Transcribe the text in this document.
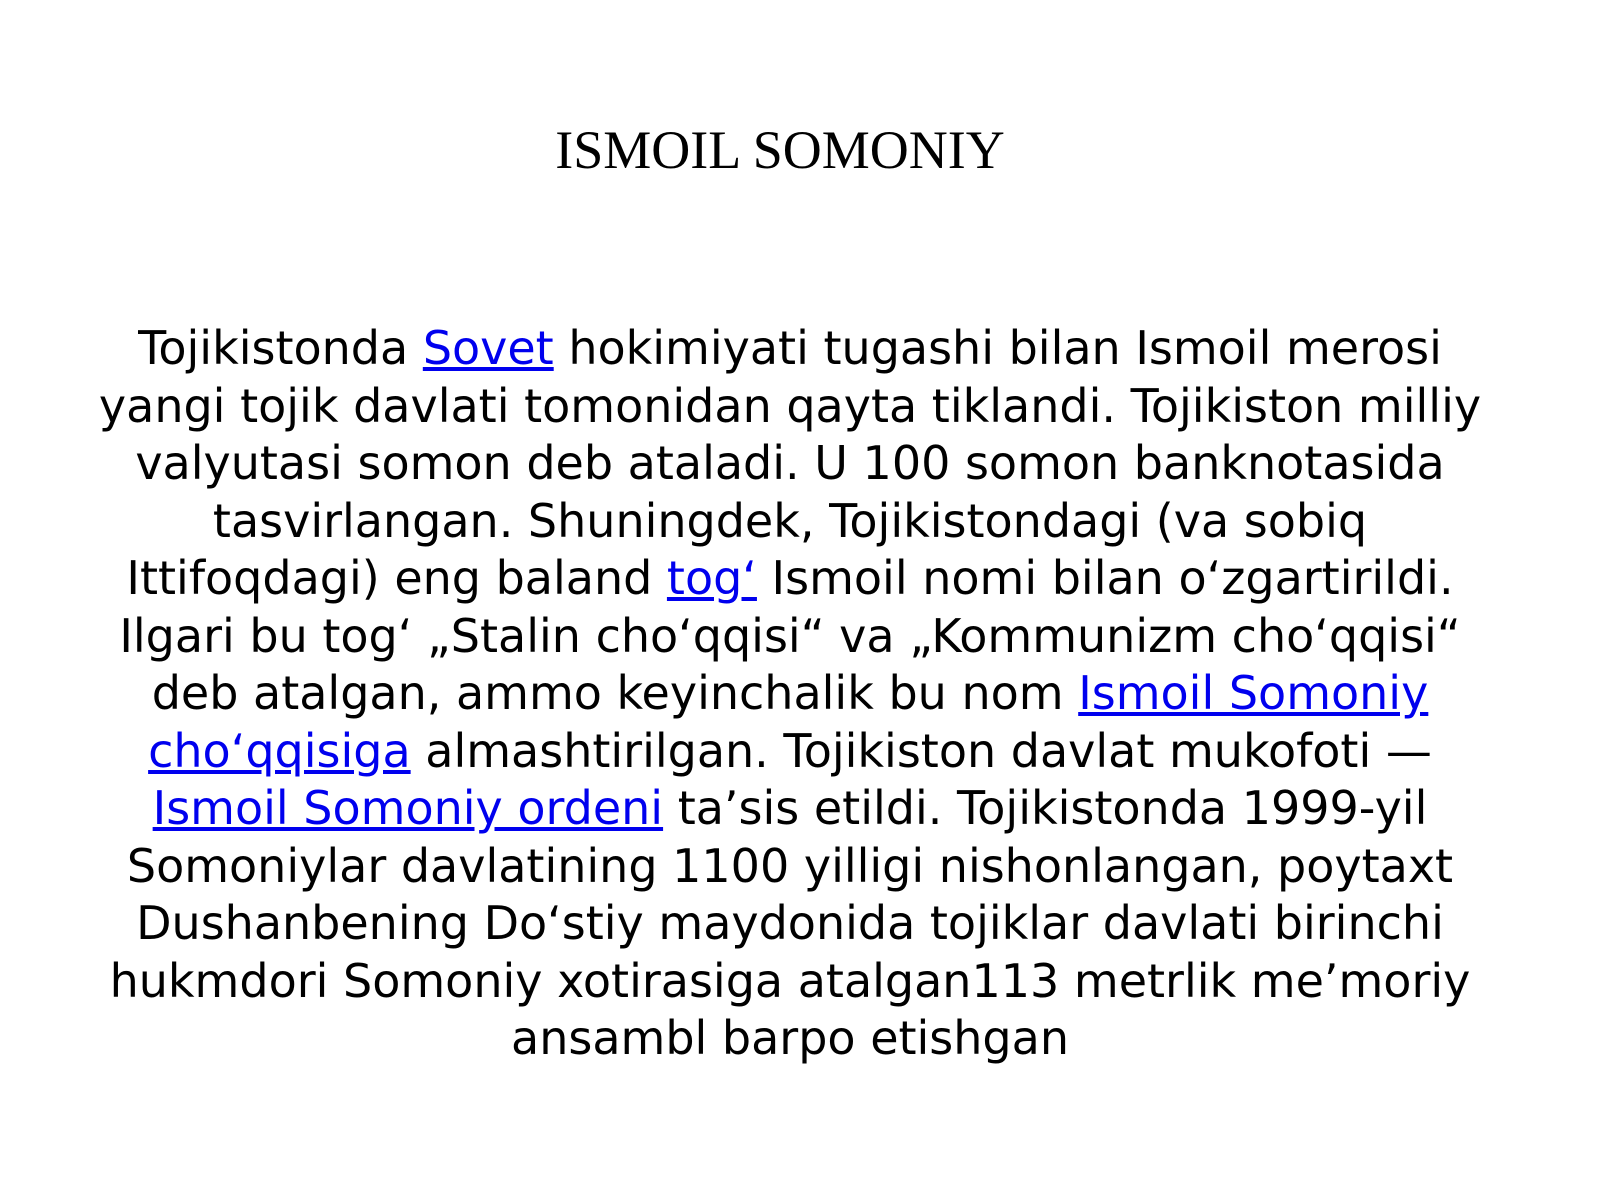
ISMOIL SOMONIY
Tojikistonda Sovet hokimiyati tugashi bilan Ismoil merosi yangi tojik davlati tomonidan qayta tiklandi. Tojikiston milliy valyutasi somon deb ataladi. U 100 somon banknotasida tasvirlangan. Shuningdek, Tojikistondagi (va sobiq Ittifoqdagi) eng baland tog‘ Ismoil nomi bilan o‘zgartirildi. Ilgari bu tog‘ „Stalin cho‘qqisi“ va „Kommunizm cho‘qqisi“ deb atalgan, ammo keyinchalik bu nom Ismoil Somoniy cho‘qqisiga almashtirilgan. Tojikiston davlat mukofoti — Ismoil Somoniy ordeni ta’sis etildi. Tojikistonda 1999-yil Somoniylar davlatining 1100 yilligi nishonlangan, poytaxt Dushanbening Do‘stiy maydonida tojiklar davlati birinchi hukmdori Somoniy xotirasiga atalgan113 metrlik me’moriy ansambl barpo etishgan
